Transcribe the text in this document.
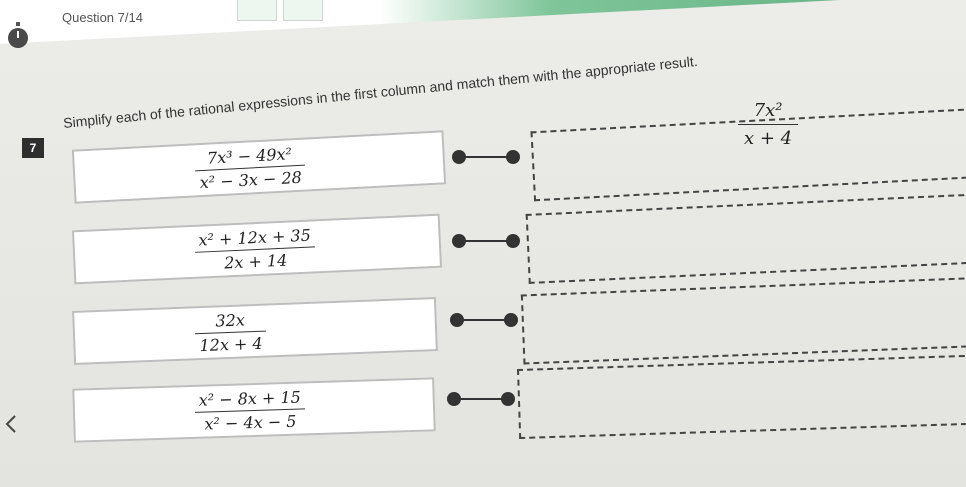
Question 7/14
7
Simplify each of the rational expressions in the first column and match them with the appropriate result.
7x³ − 49x²
x² − 3x − 28
x² + 12x + 35
2x + 14
$\frac{32x}{12x + 4}$
x² − 8x + 15
x² − 4x − 5
7x²
x + 4
